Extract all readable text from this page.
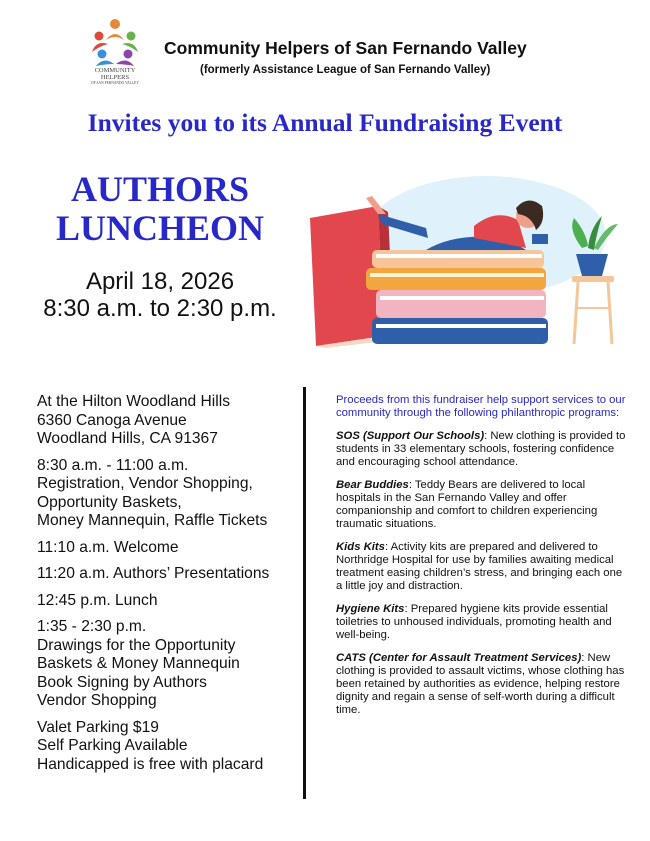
COMMUNITY HELPERS
OF SAN FERNANDO VALLEY
Community Helpers of San Fernando Valley
(formerly Assistance League of San Fernando Valley)
Invites you to its Annual Fundraising Event
AUTHORS
LUNCHEON
April 18, 2026
8:30 a.m. to 2:30 p.m.
At the Hilton Woodland Hills
6360 Canoga Avenue
Woodland Hills, CA 91367
8:30 a.m. - 11:00 a.m.
Registration, Vendor Shopping,
Opportunity Baskets,
Money Mannequin, Raffle Tickets
11:10 a.m. Welcome
11:20 a.m. Authors’ Presentations
12:45 p.m. Lunch
1:35 - 2:30 p.m.
Drawings for the Opportunity
Baskets & Money Mannequin
Book Signing by Authors
Vendor Shopping
Valet Parking $19
Self Parking Available
Handicapped is free with placard
Proceeds from this fundraiser help support services to our community through the following philanthropic programs:
SOS (Support Our Schools): New clothing is provided to students in 33 elementary schools, fostering confidence and encouraging school attendance.
Bear Buddies: Teddy Bears are delivered to local hospitals in the San Fernando Valley and offer companionship and comfort to children experiencing traumatic situations.
Kids Kits: Activity kits are prepared and delivered to Northridge Hospital for use by families awaiting medical treatment easing children’s stress, and bringing each one a little joy and distraction.
Hygiene Kits: Prepared hygiene kits provide essential toiletries to unhoused individuals, promoting health and well-being.
CATS (Center for Assault Treatment Services): New clothing is provided to assault victims, whose clothing has been retained by authorities as evidence, helping restore dignity and regain a sense of self-worth during a difficult time.
